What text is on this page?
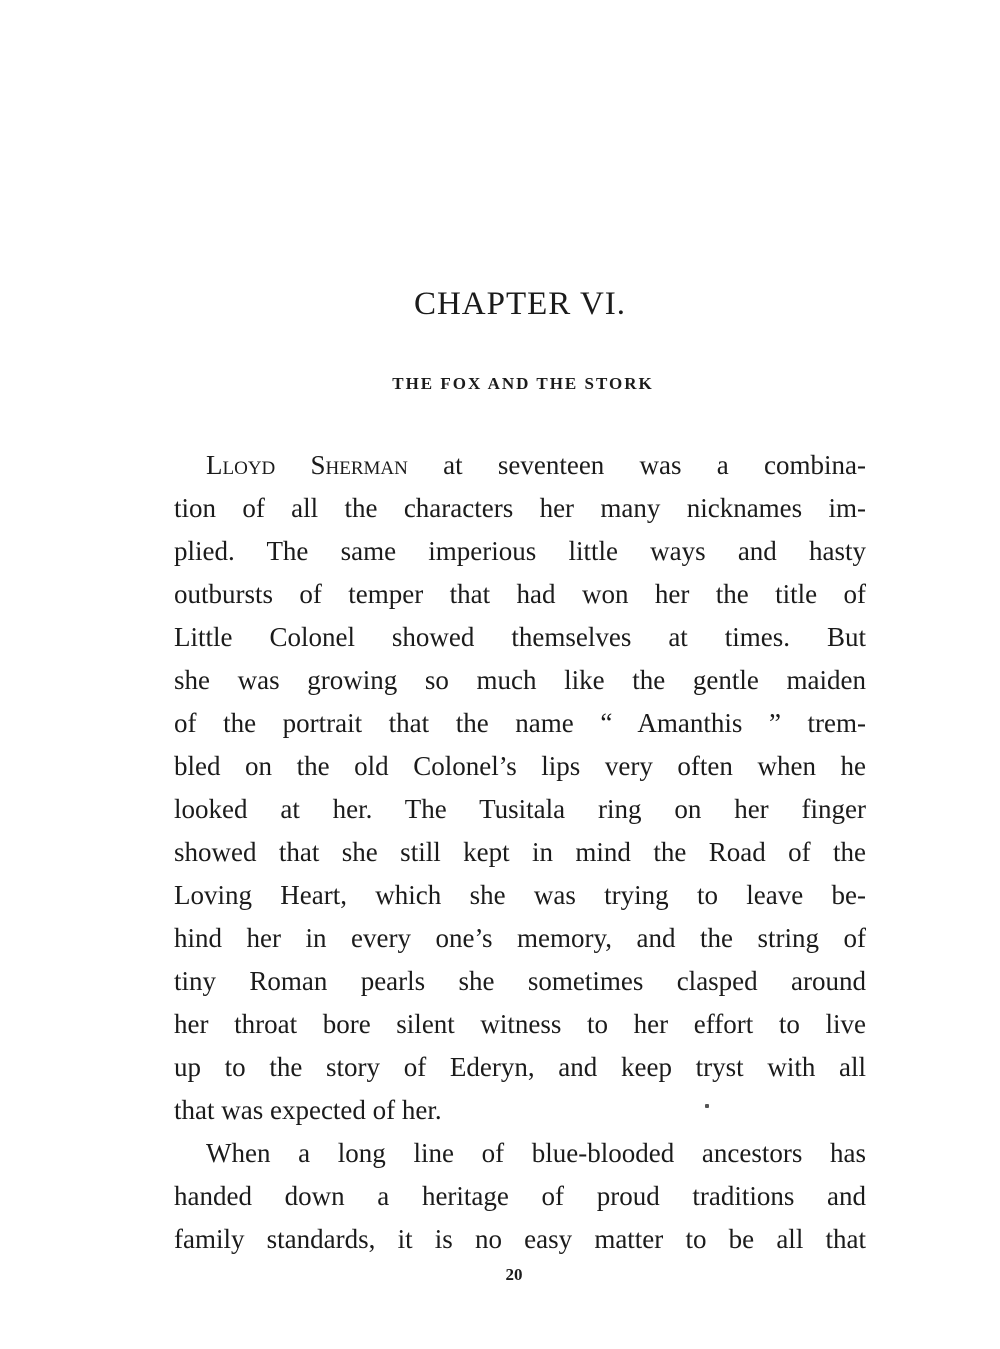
CHAPTER VI.
THE FOX AND THE STORK
Lloyd Sherman at seventeen was a combina-
tion of all the characters her many nicknames im-
plied. The same imperious little ways and hasty
outbursts of temper that had won her the title of
Little Colonel showed themselves at times. But
she was growing so much like the gentle maiden
of the portrait that the name “ Amanthis ” trem-
bled on the old Colonel’s lips very often when he
looked at her. The Tusitala ring on her finger
showed that she still kept in mind the Road of the
Loving Heart, which she was trying to leave be-
hind her in every one’s memory, and the string of
tiny Roman pearls she sometimes clasped around
her throat bore silent witness to her effort to live
up to the story of Ederyn, and keep tryst with all
that was expected of her.
When a long line of blue-blooded ancestors has
handed down a heritage of proud traditions and
family standards, it is no easy matter to be all that
20
